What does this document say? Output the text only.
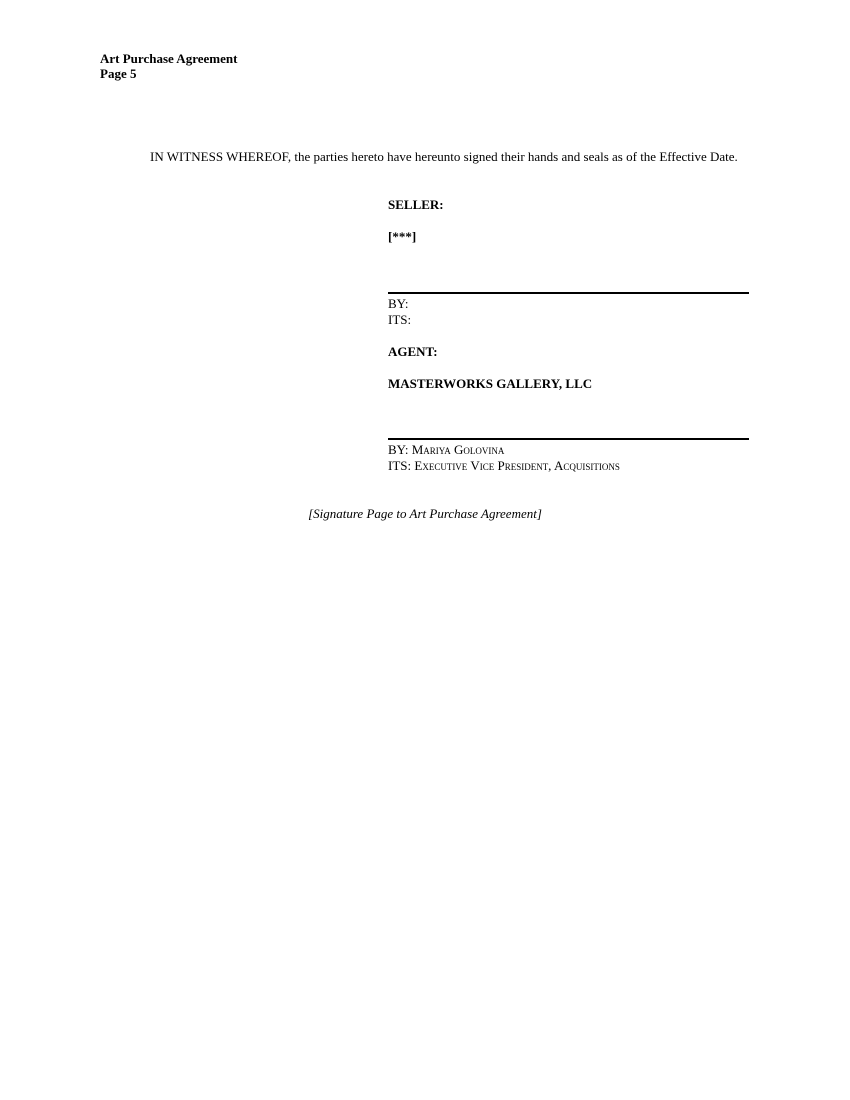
Art Purchase Agreement
Page 5
IN WITNESS WHEREOF, the parties hereto have hereunto signed their hands and seals as of the Effective Date.
SELLER:
[***]
BY:
ITS:
AGENT:
MASTERWORKS GALLERY, LLC
BY: Mariya Golovina
ITS: Executive Vice President, Acquisitions
[Signature Page to Art Purchase Agreement]
